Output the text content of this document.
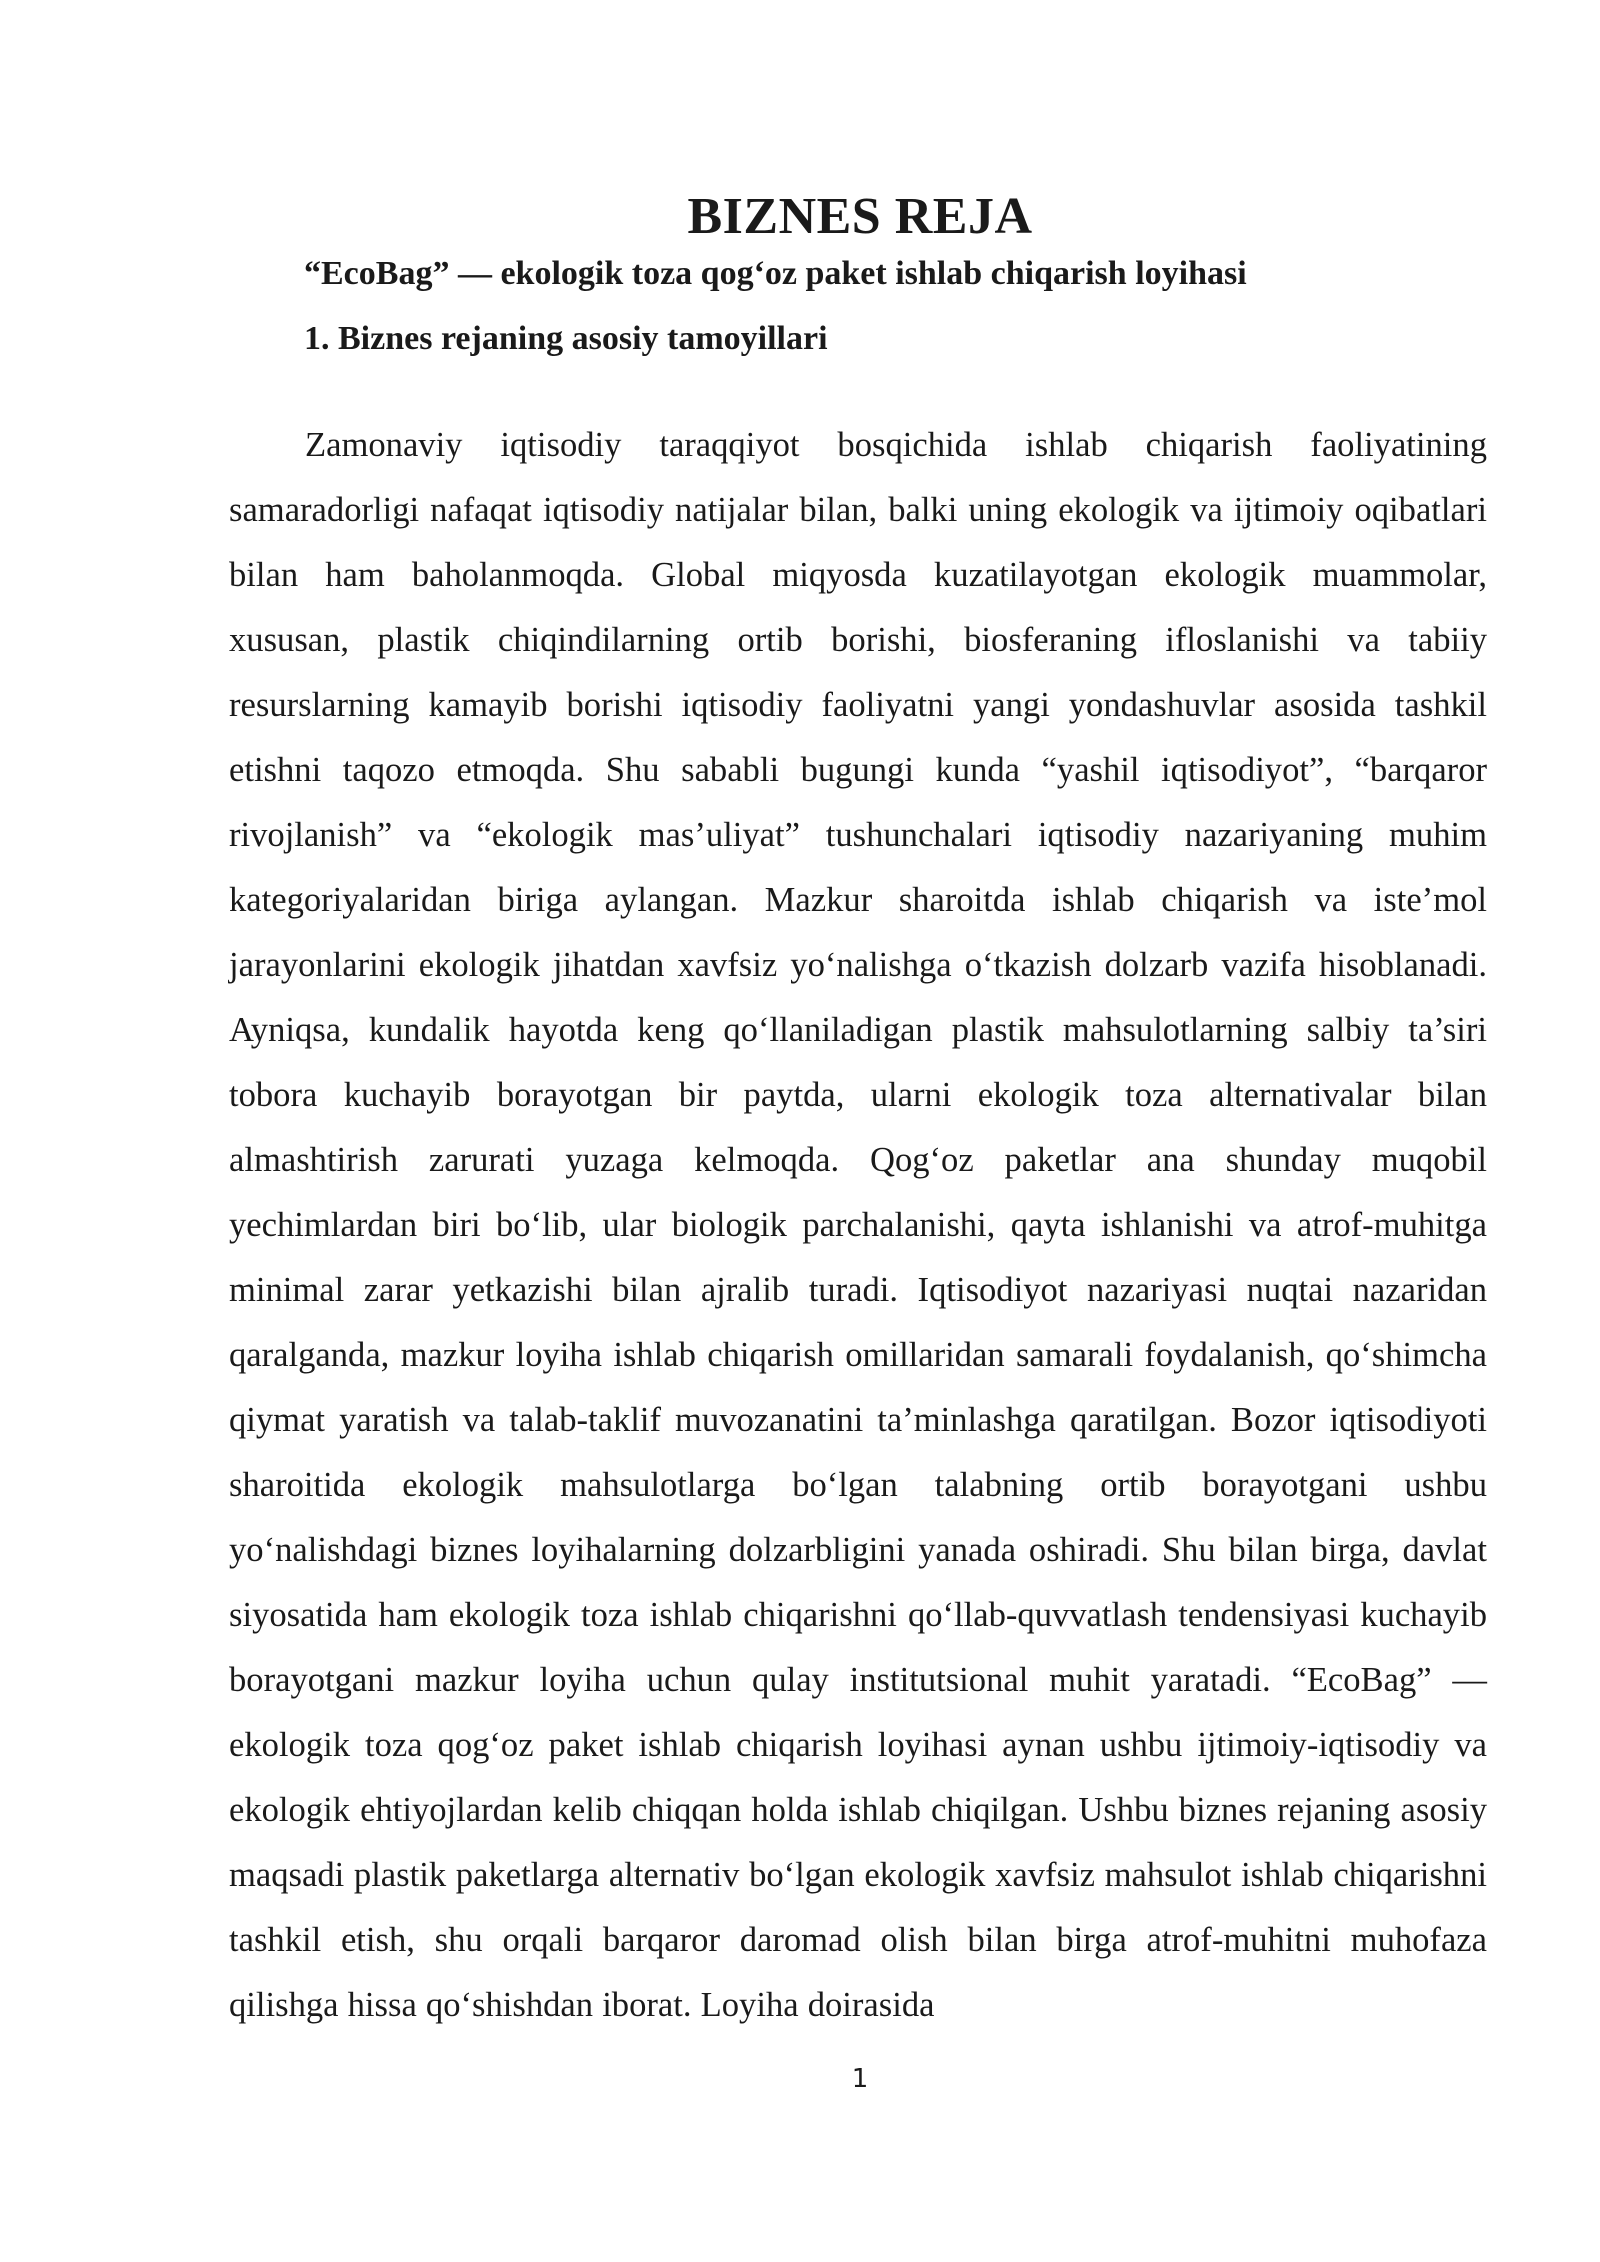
BIZNES REJA
“EcoBag” — ekologik toza qog‘oz paket ishlab chiqarish loyihasi
1. Biznes rejaning asosiy tamoyillari

Zamonaviy iqtisodiy taraqqiyot bosqichida ishlab chiqarish faoliyatining samaradorligi nafaqat iqtisodiy natijalar bilan, balki uning ekologik va ijtimoiy oqibatlari bilan ham baholanmoqda. Global miqyosda kuzatilayotgan ekologik muammolar, xususan, plastik chiqindilarning ortib borishi, biosferaning ifloslanishi va tabiiy resurslarning kamayib borishi iqtisodiy faoliyatni yangi yondashuvlar asosida tashkil etishni taqozo etmoqda. Shu sababli bugungi kunda “yashil iqtisodiyot”, “barqaror rivojlanish” va “ekologik mas’uliyat” tushunchalari iqtisodiy nazariyaning muhim kategoriyalaridan biriga aylangan. Mazkur sharoitda ishlab chiqarish va iste’mol jarayonlarini ekologik jihatdan xavfsiz yo‘nalishga o‘tkazish dolzarb vazifa hisoblanadi. Ayniqsa, kundalik hayotda keng qo‘llaniladigan plastik mahsulotlarning salbiy ta’siri tobora kuchayib borayotgan bir paytda, ularni ekologik toza alternativalar bilan almashtirish zarurati yuzaga kelmoqda. Qog‘oz paketlar ana shunday muqobil yechimlardan biri bo‘lib, ular biologik parchalanishi, qayta ishlanishi va atrof-muhitga minimal zarar yetkazishi bilan ajralib turadi. Iqtisodiyot nazariyasi nuqtai nazaridan qaralganda, mazkur loyiha ishlab chiqarish omillaridan samarali foydalanish, qo‘shimcha qiymat yaratish va talab-taklif muvozanatini ta’minlashga qaratilgan. Bozor iqtisodiyoti sharoitida ekologik mahsulotlarga bo‘lgan talabning ortib borayotgani ushbu yo‘nalishdagi biznes loyihalarning dolzarbligini yanada oshiradi. Shu bilan birga, davlat siyosatida ham ekologik toza ishlab chiqarishni qo‘llab-quvvatlash tendensiyasi kuchayib borayotgani mazkur loyiha uchun qulay institutsional muhit yaratadi. “EcoBag” — ekologik toza qog‘oz paket ishlab chiqarish loyihasi aynan ushbu ijtimoiy-iqtisodiy va ekologik ehtiyojlardan kelib chiqqan holda ishlab chiqilgan. Ushbu biznes rejaning asosiy maqsadi plastik paketlarga alternativ bo‘lgan ekologik xavfsiz mahsulot ishlab chiqarishni tashkil etish, shu orqali barqaror daromad olish bilan birga atrof-muhitni muhofaza qilishga hissa qo‘shishdan iborat. Loyiha doirasida

1
